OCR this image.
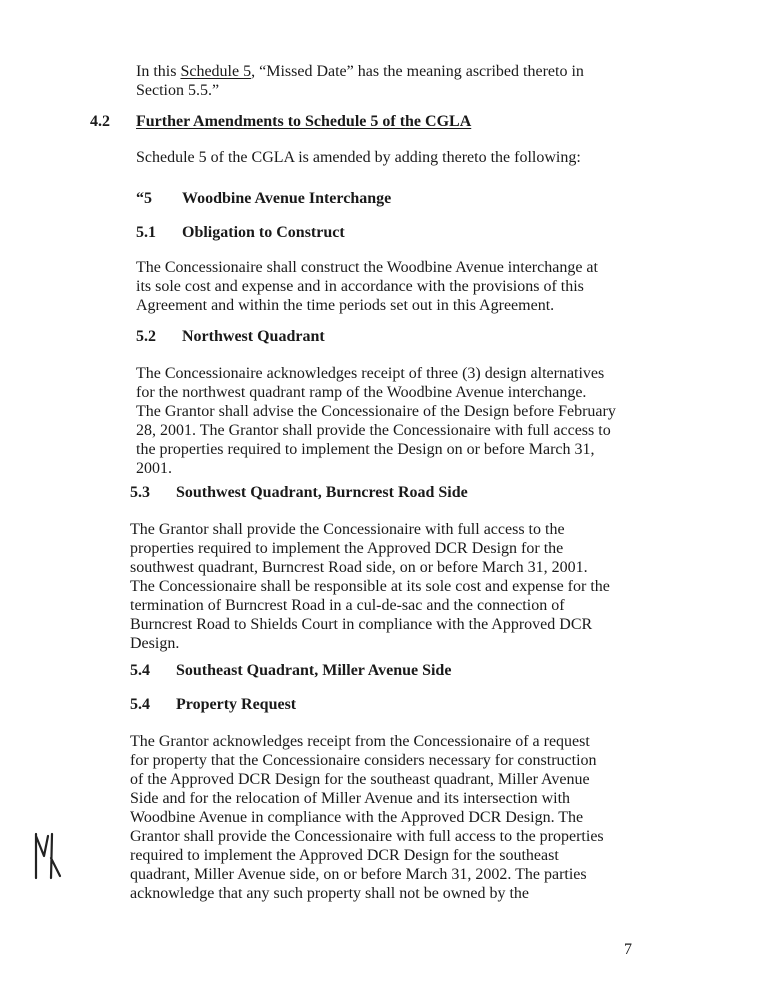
In this Schedule 5, “Missed Date” has the meaning ascribed thereto in

Section 5.5.”

4.2 Further Amendments to Schedule 5 of the CGLA

Schedule 5 of the CGLA is amended by adding thereto the following:

“5 Woodbine Avenue Interchange

5.1 Obligation to Construct

The Concessionaire shall construct the Woodbine Avenue interchange at

its sole cost and expense and in accordance with the provisions of this

Agreement and within the time periods set out in this Agreement.

5.2 Northwest Quadrant

The Concessionaire acknowledges receipt of three (3) design alternatives

for the northwest quadrant ramp of the Woodbine Avenue interchange.

The Grantor shall advise the Concessionaire of the Design before February

28, 2001. The Grantor shall provide the Concessionaire with full access to

the properties required to implement the Design on or before March 31,

2001.

5.3 Southwest Quadrant, Burncrest Road Side

The Grantor shall provide the Concessionaire with full access to the

properties required to implement the Approved DCR Design for the

southwest quadrant, Burncrest Road side, on or before March 31, 2001.

The Concessionaire shall be responsible at its sole cost and expense for the

termination of Burncrest Road in a cul-de-sac and the connection of

Burncrest Road to Shields Court in compliance with the Approved DCR

Design.

5.4 Southeast Quadrant, Miller Avenue Side

5.4 Property Request

The Grantor acknowledges receipt from the Concessionaire of a request

for property that the Concessionaire considers necessary for construction

of the Approved DCR Design for the southeast quadrant, Miller Avenue

Side and for the relocation of Miller Avenue and its intersection with

Woodbine Avenue in compliance with the Approved DCR Design. The

Grantor shall provide the Concessionaire with full access to the properties

required to implement the Approved DCR Design for the southeast

quadrant, Miller Avenue side, on or before March 31, 2002. The parties

acknowledge that any such property shall not be owned by the

7
